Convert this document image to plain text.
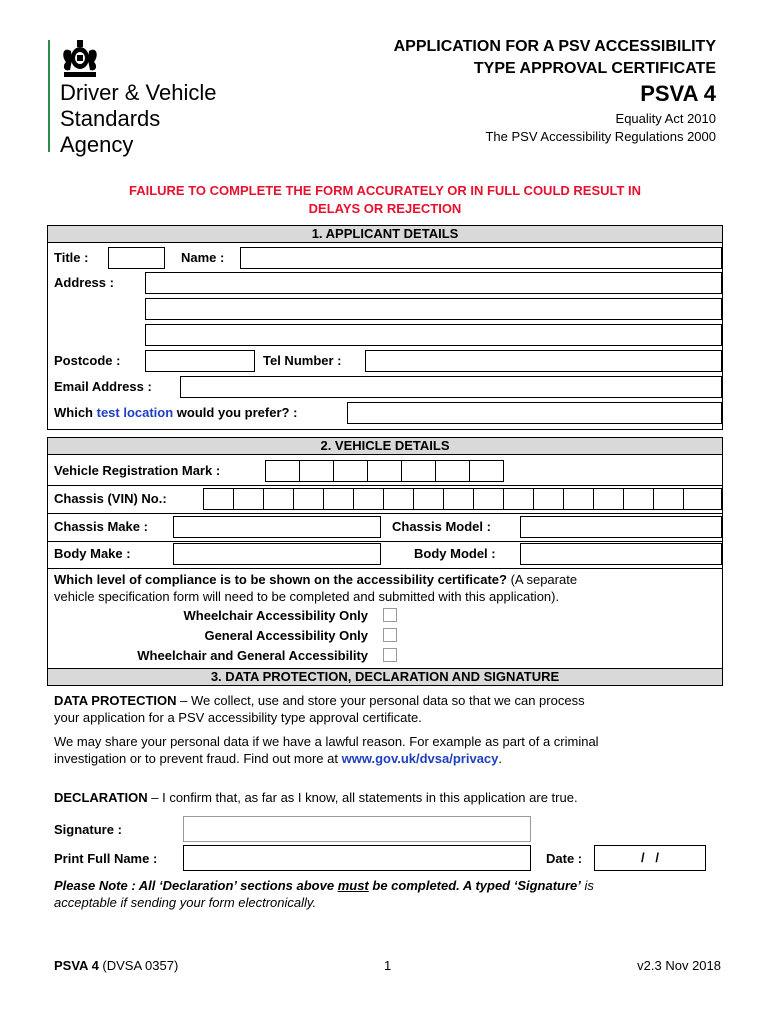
Driver & Vehicle
Standards
Agency
APPLICATION FOR A PSV ACCESSIBILITY
TYPE APPROVAL CERTIFICATE
PSVA 4
Equality Act 2010
The PSV Accessibility Regulations 2000
FAILURE TO COMPLETE THE FORM ACCURATELY OR IN FULL COULD RESULT IN
DELAYS OR REJECTION
1. APPLICANT DETAILS
Title :	Name :
Address :
Postcode :	Tel Number :
Email Address :
Which test location would you prefer? :
2. VEHICLE DETAILS
Vehicle Registration Mark :
Chassis (VIN) No.:
Chassis Make :	Chassis Model :
Body Make :	Body Model :
Which level of compliance is to be shown on the accessibility certificate? (A separate
vehicle specification form will need to be completed and submitted with this application).
Wheelchair Accessibility Only
General Accessibility Only
Wheelchair and General Accessibility
3. DATA PROTECTION, DECLARATION AND SIGNATURE
DATA PROTECTION – We collect, use and store your personal data so that we can process
your application for a PSV accessibility type approval certificate.
We may share your personal data if we have a lawful reason. For example as part of a criminal
investigation or to prevent fraud. Find out more at www.gov.uk/dvsa/privacy.
DECLARATION – I confirm that, as far as I know, all statements in this application are true.
Signature :
Print Full Name :	Date :	/   /
Please Note : All ‘Declaration’ sections above must be completed. A typed ‘Signature’ is
acceptable if sending your form electronically.
PSVA 4 (DVSA 0357)	1	v2.3 Nov 2018
